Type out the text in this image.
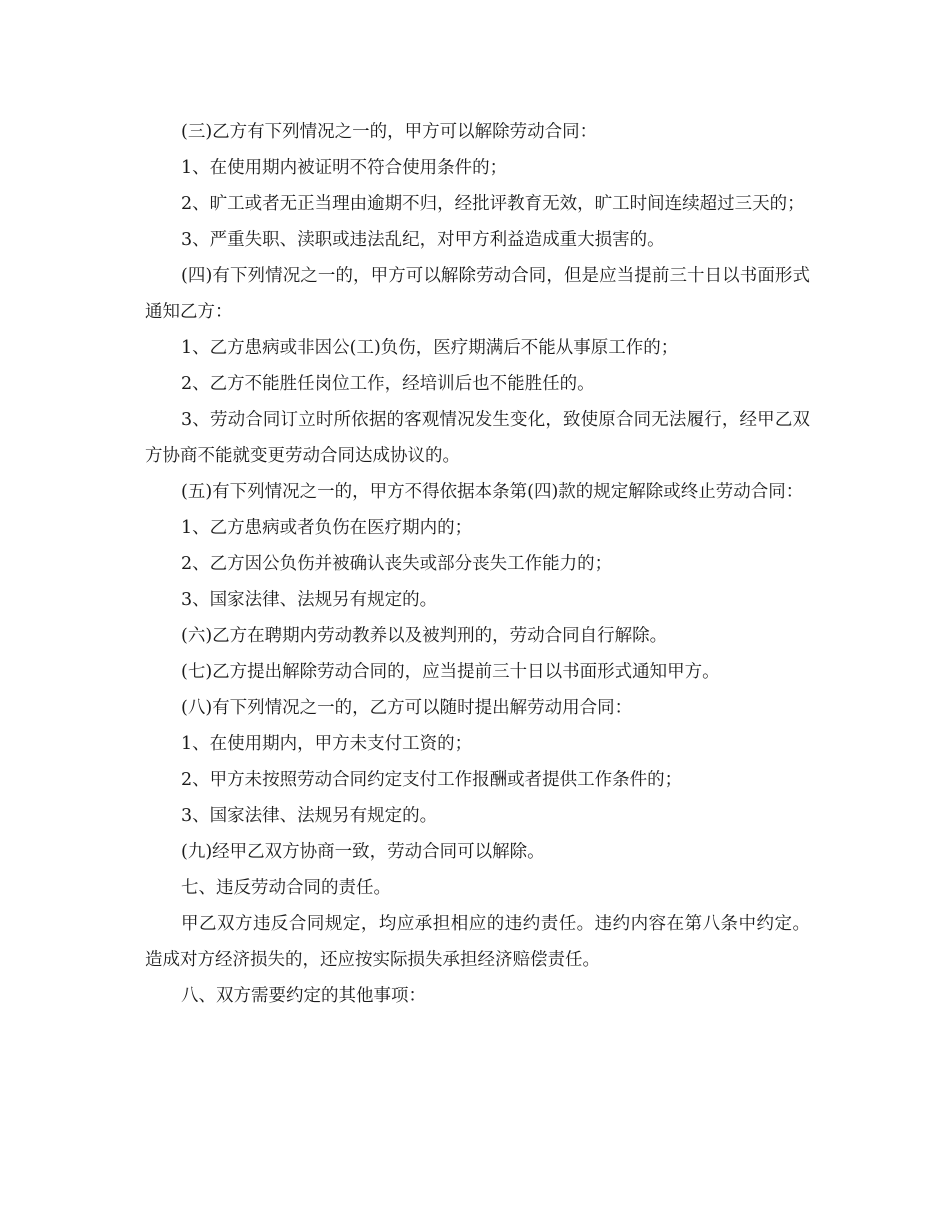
(三)乙方有下列情况之一的，甲方可以解除劳动合同：

1、在使用期内被证明不符合使用条件的；

2、旷工或者无正当理由逾期不归，经批评教育无效，旷工时间连续超过三天的；

3、严重失职、渎职或违法乱纪，对甲方利益造成重大损害的。

(四)有下列情况之一的，甲方可以解除劳动合同，但是应当提前三十日以书面形式通知乙方：

1、乙方患病或非因公(工)负伤，医疗期满后不能从事原工作的；

2、乙方不能胜任岗位工作，经培训后也不能胜任的。

3、劳动合同订立时所依据的客观情况发生变化，致使原合同无法履行，经甲乙双方协商不能就变更劳动合同达成协议的。

(五)有下列情况之一的，甲方不得依据本条第(四)款的规定解除或终止劳动合同：

1、乙方患病或者负伤在医疗期内的；

2、乙方因公负伤并被确认丧失或部分丧失工作能力的；

3、国家法律、法规另有规定的。

(六)乙方在聘期内劳动教养以及被判刑的，劳动合同自行解除。

(七)乙方提出解除劳动合同的，应当提前三十日以书面形式通知甲方。

(八)有下列情况之一的，乙方可以随时提出解劳动用合同：

1、在使用期内，甲方未支付工资的；

2、甲方未按照劳动合同约定支付工作报酬或者提供工作条件的；

3、国家法律、法规另有规定的。

(九)经甲乙双方协商一致，劳动合同可以解除。

七、违反劳动合同的责任。

甲乙双方违反合同规定，均应承担相应的违约责任。违约内容在第八条中约定。造成对方经济损失的，还应按实际损失承担经济赔偿责任。

八、双方需要约定的其他事项：
